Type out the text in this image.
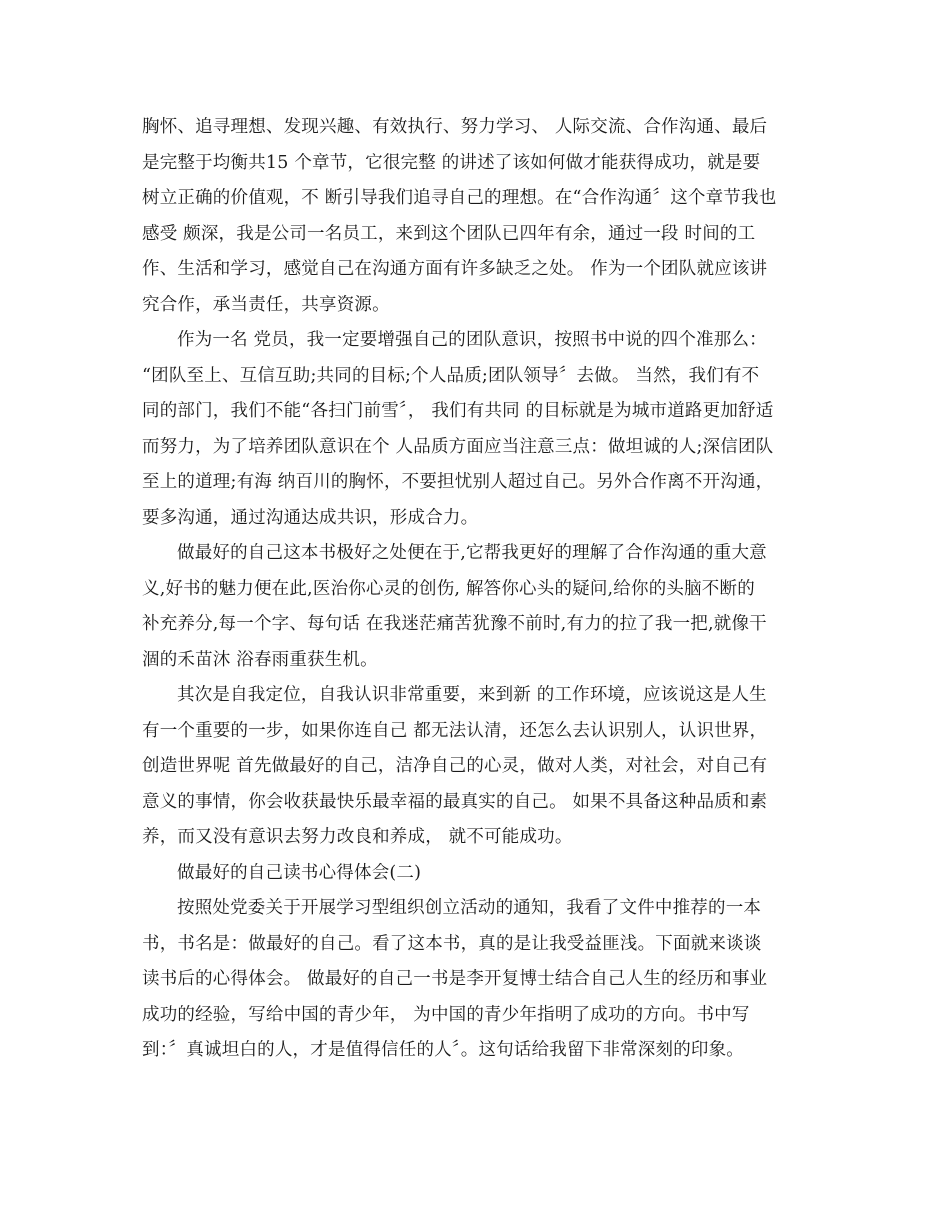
胸怀、追寻理想、发现兴趣、有效执行、努力学习、 人际交流、合作沟通、最后
是完整于均衡共15 个章节，它很完整 的讲述了该如何做才能获得成功，就是要
树立正确的价值观，不 断引导我们追寻自己的理想。在“合作沟通〞这个章节我也
感受 颇深，我是公司一名员工，来到这个团队已四年有余，通过一段 时间的工
作、生活和学习，感觉自己在沟通方面有许多缺乏之处。 作为一个团队就应该讲
究合作，承当责任，共享资源。
作为一名 党员，我一定要增强自己的团队意识，按照书中说的四个准那么：
“团队至上、互信互助;共同的目标;个人品质;团队领导〞去做。 当然，我们有不
同的部门，我们不能“各扫门前雪〞， 我们有共同 的目标就是为城市道路更加舒适
而努力，为了培养团队意识在个 人品质方面应当注意三点：做坦诚的人;深信团队
至上的道理;有海 纳百川的胸怀，不要担忧别人超过自己。另外合作离不开沟通，
要多沟通，通过沟通达成共识，形成合力。
做最好的自己这本书极好之处便在于,它帮我更好的理解了合作沟通的重大意
义,好书的魅力便在此,医治你心灵的创伤, 解答你心头的疑问,给你的头脑不断的
补充养分,每一个字、每句话 在我迷茫痛苦犹豫不前时,有力的拉了我一把,就像干
涸的禾苗沐 浴春雨重获生机。
其次是自我定位，自我认识非常重要，来到新 的工作环境，应该说这是人生
有一个重要的一步，如果你连自己 都无法认清，还怎么去认识别人，认识世界，
创造世界呢 首先做最好的自己，洁净自己的心灵，做对人类，对社会，对自己有
意义的事情，你会收获最快乐最幸福的最真实的自己。 如果不具备这种品质和素
养，而又没有意识去努力改良和养成， 就不可能成功。
做最好的自己读书心得体会(二)
按照处党委关于开展学习型组织创立活动的通知，我看了文件中推荐的一本
书，书名是：做最好的自己。看了这本书，真的是让我受益匪浅。下面就来谈谈
读书后的心得体会。 做最好的自己一书是李开复博士结合自己人生的经历和事业
成功的经验，写给中国的青少年， 为中国的青少年指明了成功的方向。书中写
到：〞真诚坦白的人，才是值得信任的人〞。这句话给我留下非常深刻的印象。
